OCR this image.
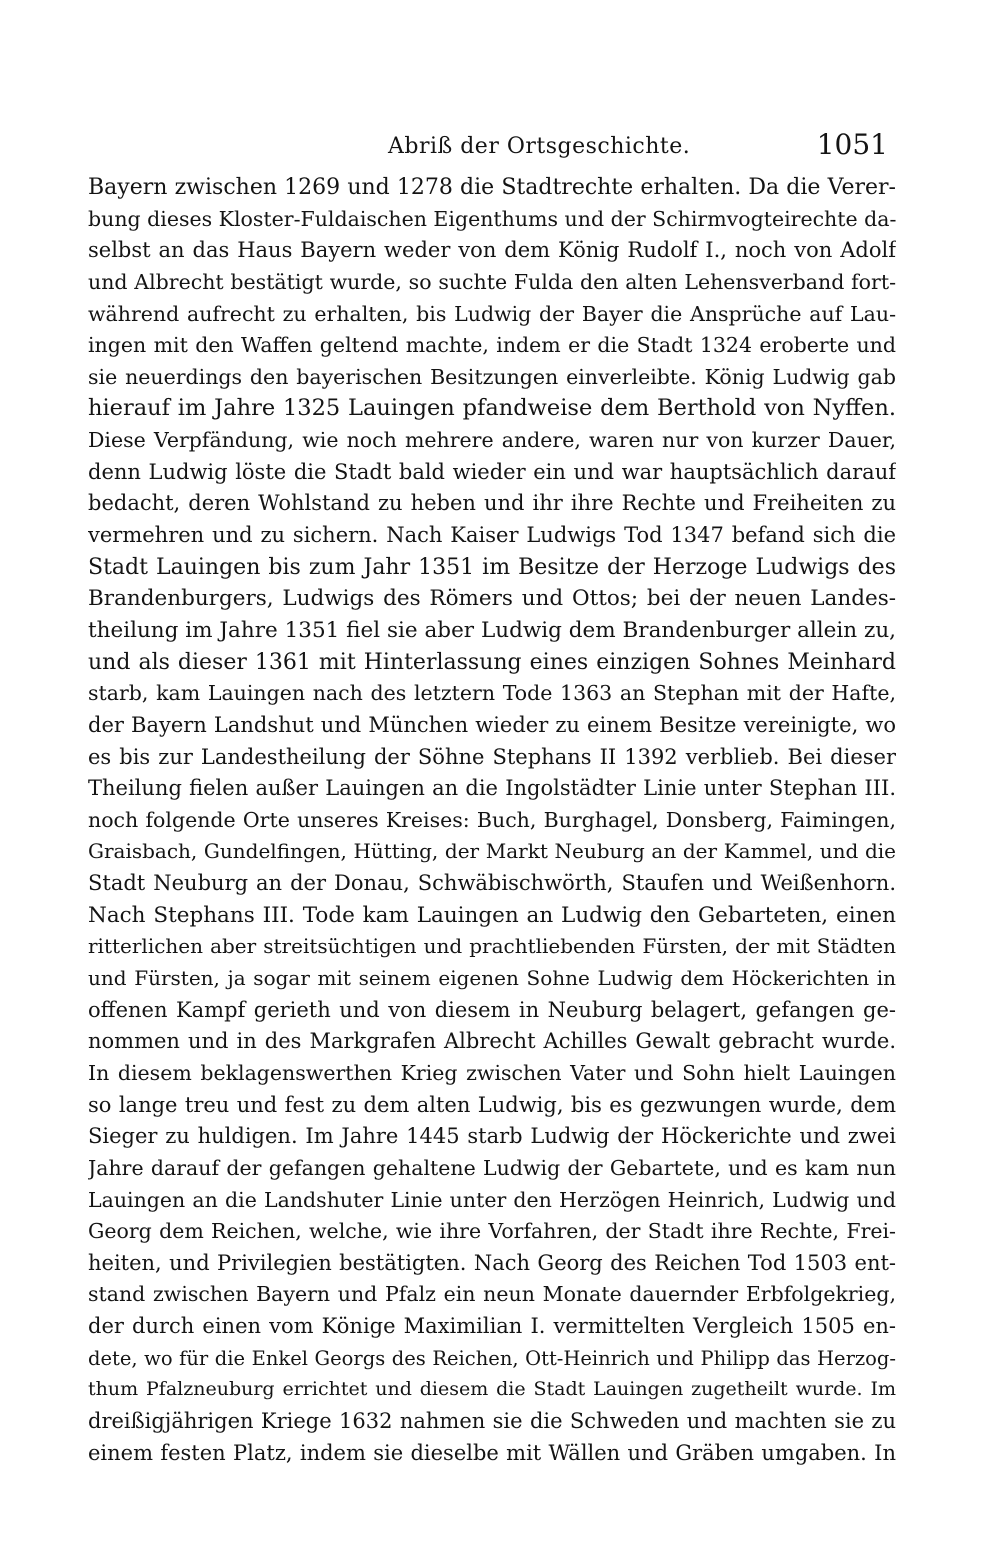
Abriß der Ortsgeschichte.	1051
Bayern zwischen 1269 und 1278 die Stadtrechte erhalten. Da die Verer-
bung dieses Kloster-Fuldaischen Eigenthums und der Schirmvogteirechte da-
selbst an das Haus Bayern weder von dem König Rudolf I., noch von Adolf
und Albrecht bestätigt wurde, so suchte Fulda den alten Lehensverband fort-
während aufrecht zu erhalten, bis Ludwig der Bayer die Ansprüche auf Lau-
ingen mit den Waffen geltend machte, indem er die Stadt 1324 eroberte und
sie neuerdings den bayerischen Besitzungen einverleibte. König Ludwig gab
hierauf im Jahre 1325 Lauingen pfandweise dem Berthold von Nyffen.
Diese Verpfändung, wie noch mehrere andere, waren nur von kurzer Dauer,
denn Ludwig löste die Stadt bald wieder ein und war hauptsächlich darauf
bedacht, deren Wohlstand zu heben und ihr ihre Rechte und Freiheiten zu
vermehren und zu sichern. Nach Kaiser Ludwigs Tod 1347 befand sich die
Stadt Lauingen bis zum Jahr 1351 im Besitze der Herzoge Ludwigs des
Brandenburgers, Ludwigs des Römers und Ottos; bei der neuen Landes-
theilung im Jahre 1351 fiel sie aber Ludwig dem Brandenburger allein zu,
und als dieser 1361 mit Hinterlassung eines einzigen Sohnes Meinhard
starb, kam Lauingen nach des letztern Tode 1363 an Stephan mit der Hafte,
der Bayern Landshut und München wieder zu einem Besitze vereinigte, wo
es bis zur Landestheilung der Söhne Stephans II 1392 verblieb. Bei dieser
Theilung fielen außer Lauingen an die Ingolstädter Linie unter Stephan III.
noch folgende Orte unseres Kreises: Buch, Burghagel, Donsberg, Faimingen,
Graisbach, Gundelfingen, Hütting, der Markt Neuburg an der Kammel, und die
Stadt Neuburg an der Donau, Schwäbischwörth, Staufen und Weißenhorn.
Nach Stephans III. Tode kam Lauingen an Ludwig den Gebarteten, einen
ritterlichen aber streitsüchtigen und prachtliebenden Fürsten, der mit Städten
und Fürsten, ja sogar mit seinem eigenen Sohne Ludwig dem Höckerichten in
offenen Kampf gerieth und von diesem in Neuburg belagert, gefangen ge-
nommen und in des Markgrafen Albrecht Achilles Gewalt gebracht wurde.
In diesem beklagenswerthen Krieg zwischen Vater und Sohn hielt Lauingen
so lange treu und fest zu dem alten Ludwig, bis es gezwungen wurde, dem
Sieger zu huldigen. Im Jahre 1445 starb Ludwig der Höckerichte und zwei
Jahre darauf der gefangen gehaltene Ludwig der Gebartete, und es kam nun
Lauingen an die Landshuter Linie unter den Herzögen Heinrich, Ludwig und
Georg dem Reichen, welche, wie ihre Vorfahren, der Stadt ihre Rechte, Frei-
heiten, und Privilegien bestätigten. Nach Georg des Reichen Tod 1503 ent-
stand zwischen Bayern und Pfalz ein neun Monate dauernder Erbfolgekrieg,
der durch einen vom Könige Maximilian I. vermittelten Vergleich 1505 en-
dete, wo für die Enkel Georgs des Reichen, Ott-Heinrich und Philipp das Herzog-
thum Pfalzneuburg errichtet und diesem die Stadt Lauingen zugetheilt wurde. Im
dreißigjährigen Kriege 1632 nahmen sie die Schweden und machten sie zu
einem festen Platz, indem sie dieselbe mit Wällen und Gräben umgaben. In
